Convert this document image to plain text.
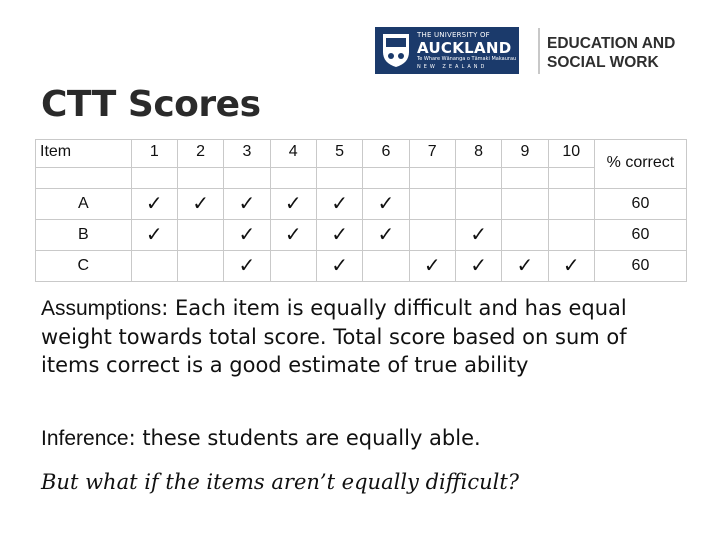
THE UNIVERSITY OF
AUCKLAND
Te Whare Wānanga o Tāmaki Makaurau
NEW ZEALAND
EDUCATION AND
SOCIAL WORK
CTT Scores
Item	1	2	3	4	5	6	7	8	9	10	% correct

A	✓	✓	✓	✓	✓	✓					60
B	✓		✓	✓	✓	✓		✓			60
C			✓		✓		✓	✓	✓	✓	60
Assumptions: Each item is equally difficult and has equal weight towards total score. Total score based on sum of items correct is a good estimate of true ability
Inference: these students are equally able.
But what if the items aren’t equally difficult?
